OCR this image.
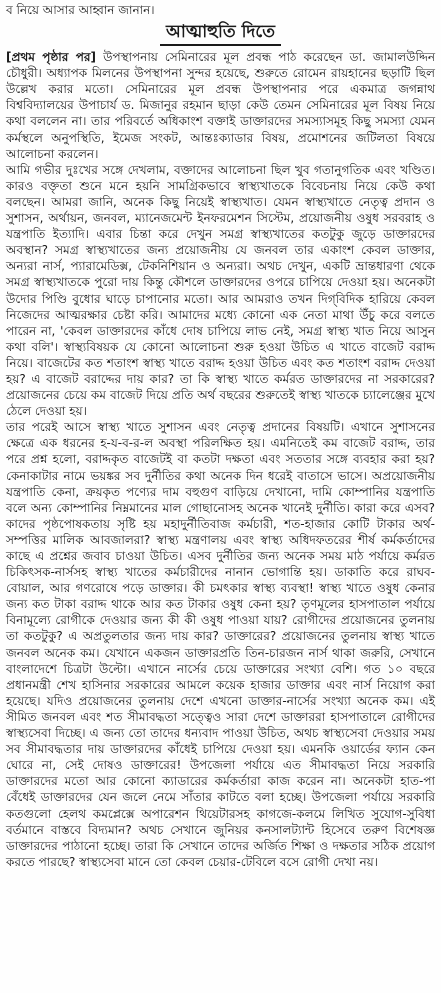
ব নিয়ে আসার আহ্বান জানান।

আত্মাহুতি দিতে

[প্রথম পৃষ্ঠার পর] উপস্থাপনায় সেমিনারের মূল প্রবন্ধ পাঠ করেছেন ডা. জামালউদ্দিন চৌধুরী। অধ্যাপক মিলনের উপস্থাপনা সুন্দর হয়েছে, শুরুতে রোমেন রায়হানের ছড়াটি ছিল উল্লেখ করার মতো। সেমিনারের মূল প্রবন্ধ উপস্থাপনার পরে একমাত্র জগন্নাথ বিশ্ববিদ্যালয়ের উপাচার্য ড. মিজানুর রহমান ছাড়া কেউ তেমন সেমিনারের মূল বিষয় নিয়ে কথা বললেন না। তার পরিবর্তে অধিকাংশ বক্তাই ডাক্তারদের সমস্যাসমূহ কিছু সমস্যা যেমন কর্মস্থলে অনুপস্থিতি, ইমেজ সংকট, আন্তঃক্যাডার বিষয়, প্রমোশনের জটিলতা বিষয়ে আলোচনা করলেন।

আমি গভীর দুঃখের সঙ্গে দেখলাম, বক্তাদের আলোচনা ছিল খুব গতানুগতিক এবং খণ্ডিত। কারও বক্তৃতা শুনে মনে হয়নি সামগ্রিকভাবে স্বাস্থ্যখাতকে বিবেচনায় নিয়ে কেউ কথা বলছেন। আমরা জানি, অনেক কিছু নিয়েই স্বাস্থ্যখাত। যেমন স্বাস্থ্যখাতে নেতৃত্ব প্রদান ও সুশাসন, অর্থায়ন, জনবল, ম্যানেজমেন্ট ইনফরমেশন সিস্টেম, প্রয়োজনীয় ওষুধ সরবরাহ ও যন্ত্রপাতি ইত্যাদি। এবার চিন্তা করে দেখুন সমগ্র স্বাস্থ্যখাতের কতটুকু জুড়ে ডাক্তারদের অবস্থান? সমগ্র স্বাস্থ্যখাতের জন্য প্রয়োজনীয় যে জনবল তার একাংশ কেবল ডাক্তার, অন্যরা নার্স, প্যারামেডিক্স, টেকনিশিয়ান ও অন্যরা। অথচ দেখুন, একটি ভ্রান্তধারণা থেকে সমগ্র স্বাস্থ্যখাতকে পুরো দায় কিন্তু কৌশলে ডাক্তারদের ওপরে চাপিয়ে দেওয়া হয়। অনেকটা উদোর পিণ্ডি বুধোর ঘাড়ে চাপানোর মতো। আর আমরাও তখন দিগ্‌বিদিক হারিয়ে কেবল নিজেদের আত্মরক্ষার চেষ্টা করি। আমাদের মধ্যে কোনো এক নেতা মাথা উঁচু করে বলতে পারেন না, 'কেবল ডাক্তারদের কাঁধে দোষ চাপিয়ে লাভ নেই, সমগ্র স্বাস্থ্য খাত নিয়ে আসুন কথা বলি'। স্বাস্থ্যবিষয়ক যে কোনো আলোচনা শুরু হওয়া উচিত এ খাতে বাজেট বরাদ্দ নিয়ে। বাজেটের কত শতাংশ স্বাস্থ্য খাতে বরাদ্দ হওয়া উচিত এবং কত শতাংশ বরাদ্দ দেওয়া হয়? এ বাজেট বরাদ্দের দায় কার? তা কি স্বাস্থ্য খাতে কর্মরত ডাক্তারদের না সরকারের? প্রয়োজনের চেয়ে কম বাজেট দিয়ে প্রতি অর্থ বছরের শুরুতেই স্বাস্থ্য খাতকে চ্যালেঞ্জের মুখে ঠেলে দেওয়া হয়।

তার পরেই আসে স্বাস্থ্য খাতে সুশাসন এবং নেতৃত্ব প্রদানের বিষয়টি। এখানে সুশাসনের ক্ষেত্রে এক ধরনের হ-য-ব-র-ল অবস্থা পরিলক্ষিত হয়। এমনিতেই কম বাজেট বরাদ্দ, তার পরে প্রশ্ন হলো, বরাদ্দকৃত বাজেটই বা কতটা দক্ষতা এবং সততার সঙ্গে ব্যবহার করা হয়? কেনাকাটার নামে ভয়ঙ্কর সব দুর্নীতির কথা অনেক দিন ধরেই বাতাসে ভাসে। অপ্রয়োজনীয় যন্ত্রপাতি কেনা, ক্রয়কৃত পণ্যের দাম বহুগুণ বাড়িয়ে দেখানো, দামি কোম্পানির যন্ত্রপাতি বলে অন্য কোম্পানির নিম্নমানের মাল গোছানোসহ অনেক খানেই দুর্নীতি। কারা করে এসব? কাদের পৃষ্ঠপোষকতায় সৃষ্টি হয় মহাদুর্নীতিবাজ কর্মচারী, শত-হাজার কোটি টাকার অর্থ-সম্পত্তির মালিক আবজালরা? স্বাস্থ্য মন্ত্রণালয় এবং স্বাস্থ্য অধিদফতরের শীর্ষ কর্মকর্তাদের কাছে এ প্রশ্নের জবাব চাওয়া উচিত। এসব দুর্নীতির জন্য অনেক সময় মাঠ পর্যায়ে কর্মরত চিকিৎসক-নার্সসহ স্বাস্থ্য খাতের কর্মচারীদের নানান ভোগান্তি হয়। ডাকাতি করে রাঘব-বোয়াল, আর গণরোষে পড়ে ডাক্তার। কী চমৎকার স্বাস্থ্য ব্যবস্থা! স্বাস্থ্য খাতে ওষুধ কেনার জন্য কত টাকা বরাদ্দ থাকে আর কত টাকার ওষুধ কেনা হয়? তৃণমূলের হাসপাতাল পর্যায়ে বিনামূল্যে রোগীকে দেওয়ার জন্য কী কী ওষুধ পাওয়া যায়? রোগীদের প্রয়োজনের তুলনায় তা কতটুকু? এ অপ্রতুলতার জন্য দায় কার? ডাক্তারের? প্রয়োজনের তুলনায় স্বাস্থ্য খাতে জনবল অনেক কম। যেখানে একজন ডাক্তারপ্রতি তিন-চারজন নার্স থাকা জরুরি, সেখানে বাংলাদেশে চিত্রটা উল্টো। এখানে নার্সের চেয়ে ডাক্তারের সংখ্যা বেশি। গত ১০ বছরে প্রধানমন্ত্রী শেখ হাসিনার সরকারের আমলে কয়েক হাজার ডাক্তার এবং নার্স নিয়োগ করা হয়েছে। যদিও প্রয়োজনের তুলনায় দেশে এখনো ডাক্তার-নার্সের সংখ্যা অনেক কম। এই সীমিত জনবল এবং শত সীমাবদ্ধতা সত্ত্বেও সারা দেশে ডাক্তাররা হাসপাতালে রোগীদের স্বাস্থ্যসেবা দিচ্ছে। এ জন্য তো তাদের ধন্যবাদ পাওয়া উচিত, অথচ স্বাস্থ্যসেবা দেওয়ার সময় সব সীমাবদ্ধতার দায় ডাক্তারদের কাঁধেই চাপিয়ে দেওয়া হয়। এমনকি ওয়ার্ডের ফ্যান কেন ঘোরে না, সেই দোষও ডাক্তারের! উপজেলা পর্যায়ে এত সীমাবদ্ধতা নিয়ে সরকারি ডাক্তারদের মতো আর কোনো ক্যাডারের কর্মকর্তারা কাজ করেন না। অনেকটা হাত-পা বেঁধেই ডাক্তারদের যেন জলে নেমে সাঁতার কাটতে বলা হচ্ছে। উপজেলা পর্যায়ে সরকারি কতগুলো হেলথ কমপ্লেক্সে অপারেশন থিয়েটারসহ কাগজে-কলমে লিখিত সুযোগ-সুবিধা বর্তমানে বাস্তবে বিদ্যমান? অথচ সেখানে জুনিয়র কনসালট্যান্ট হিসেবে তরুণ বিশেষজ্ঞ ডাক্তারদের পাঠানো হচ্ছে। তারা কি সেখানে তাদের অর্জিত শিক্ষা ও দক্ষতার সঠিক প্রয়োগ করতে পারছে? স্বাস্থ্যসেবা মানে তো কেবল চেয়ার-টেবিলে বসে রোগী দেখা নয়।
